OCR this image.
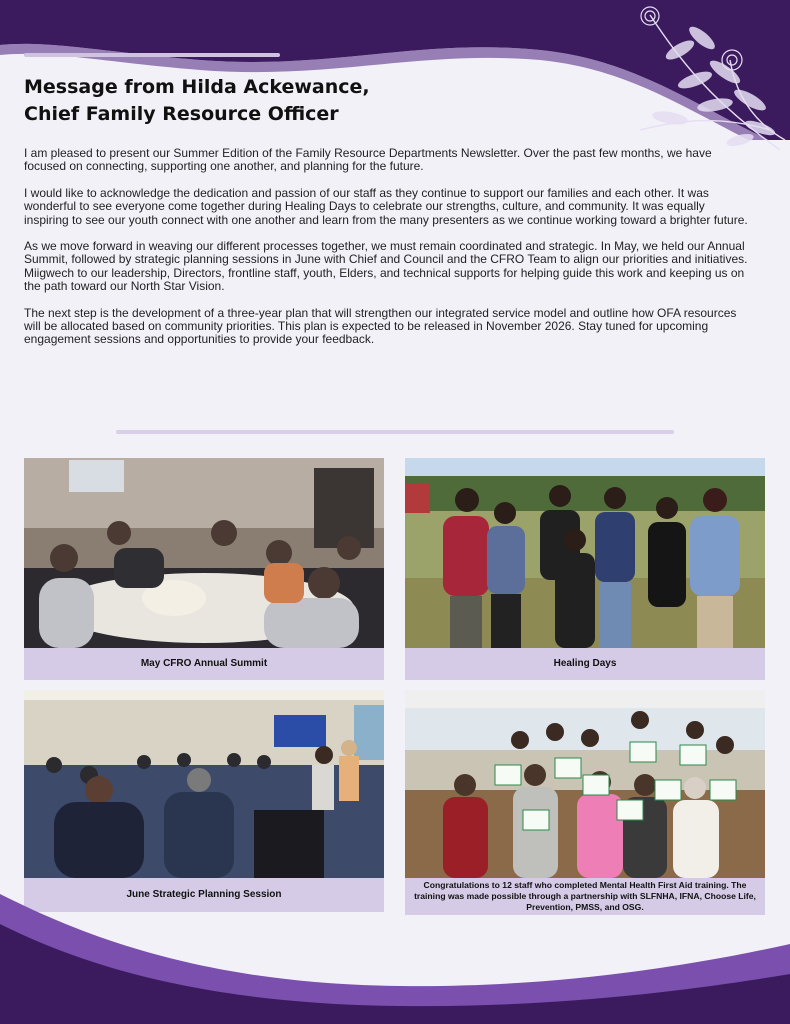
Message from Hilda Ackewance,
Chief Family Resource Officer

I am pleased to present our Summer Edition of the Family Resource Departments Newsletter. Over the past few months, we have focused on connecting, supporting one another, and planning for the future.

I would like to acknowledge the dedication and passion of our staff as they continue to support our families and each other. It was wonderful to see everyone come together during Healing Days to celebrate our strengths, culture, and community. It was equally inspiring to see our youth connect with one another and learn from the many presenters as we continue working toward a brighter future.

As we move forward in weaving our different processes together, we must remain coordinated and strategic. In May, we held our Annual Summit, followed by strategic planning sessions in June with Chief and Council and the CFRO Team to align our priorities and initiatives. Miigwech to our leadership, Directors, frontline staff, youth, Elders, and technical supports for helping guide this work and keeping us on the path toward our North Star Vision.

The next step is the development of a three-year plan that will strengthen our integrated service model and outline how OFA resources will be allocated based on community priorities. This plan is expected to be released in November 2026. Stay tuned for upcoming engagement sessions and opportunities to provide your feedback.

May CFRO Annual Summit	Healing Days
June Strategic Planning Session
Congratulations to 12 staff who completed Mental Health First Aid training. The training was made possible through a partnership with SLFNHA, IFNA, Choose Life, Prevention, PMSS, and OSG.
